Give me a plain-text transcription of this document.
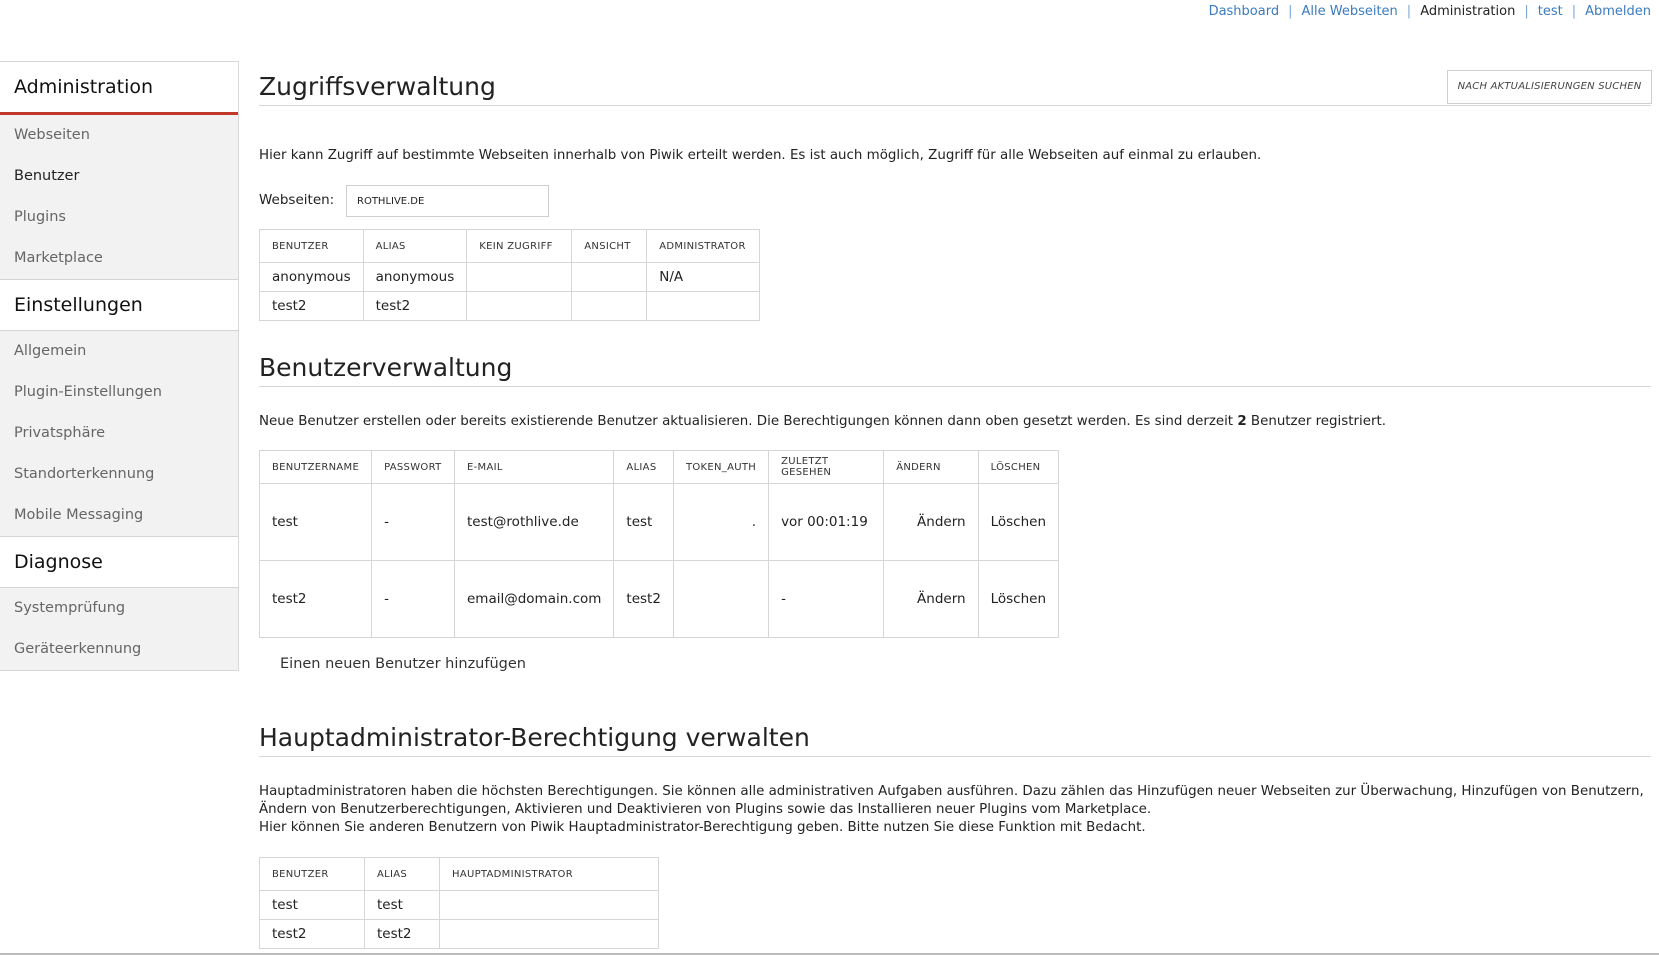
Dashboard | Alle Webseiten | Administration | test | Abmelden
Administration
Webseiten
Benutzer
Plugins
Marketplace
Einstellungen
Allgemein
Plugin-Einstellungen
Privatsphäre
Standorterkennung
Mobile Messaging
Diagnose
Systemprüfung
Geräteerkennung
NACH AKTUALISIERUNGEN SUCHEN
Zugriffsverwaltung

Hier kann Zugriff auf bestimmte Webseiten innerhalb von Piwik erteilt werden. Es ist auch möglich, Zugriff für alle Webseiten auf einmal zu erlauben.

Webseiten:	ROTHLIVE.DE
BENUTZER	ALIAS	KEIN ZUGRIFF	ANSICHT	ADMINISTRATOR
anonymous	anonymous			N/A
test2	test2			
Benutzerverwaltung

Neue Benutzer erstellen oder bereits existierende Benutzer aktualisieren. Die Berechtigungen können dann oben gesetzt werden. Es sind derzeit 2 Benutzer registriert.

BENUTZERNAME	PASSWORT	E-MAIL	ALIAS	TOKEN_AUTH	ZULETZT GESEHEN	ÄNDERN	LÖSCHEN
test	-	test@rothlive.de	test	.	vor 00:01:19	Ändern	Löschen
test2	-	email@domain.com	test2		-	Ändern	Löschen
Einen neuen Benutzer hinzufügen
Hauptadministrator-Berechtigung verwalten

Hauptadministratoren haben die höchsten Berechtigungen. Sie können alle administrativen Aufgaben ausführen. Dazu zählen das Hinzufügen neuer Webseiten zur Überwachung, Hinzufügen von Benutzern,

Ändern von Benutzerberechtigungen, Aktivieren und Deaktivieren von Plugins sowie das Installieren neuer Plugins vom Marketplace.

Hier können Sie anderen Benutzern von Piwik Hauptadministrator-Berechtigung geben. Bitte nutzen Sie diese Funktion mit Bedacht.

BENUTZER	ALIAS	HAUPTADMINISTRATOR
test	test	
test2	test2	
